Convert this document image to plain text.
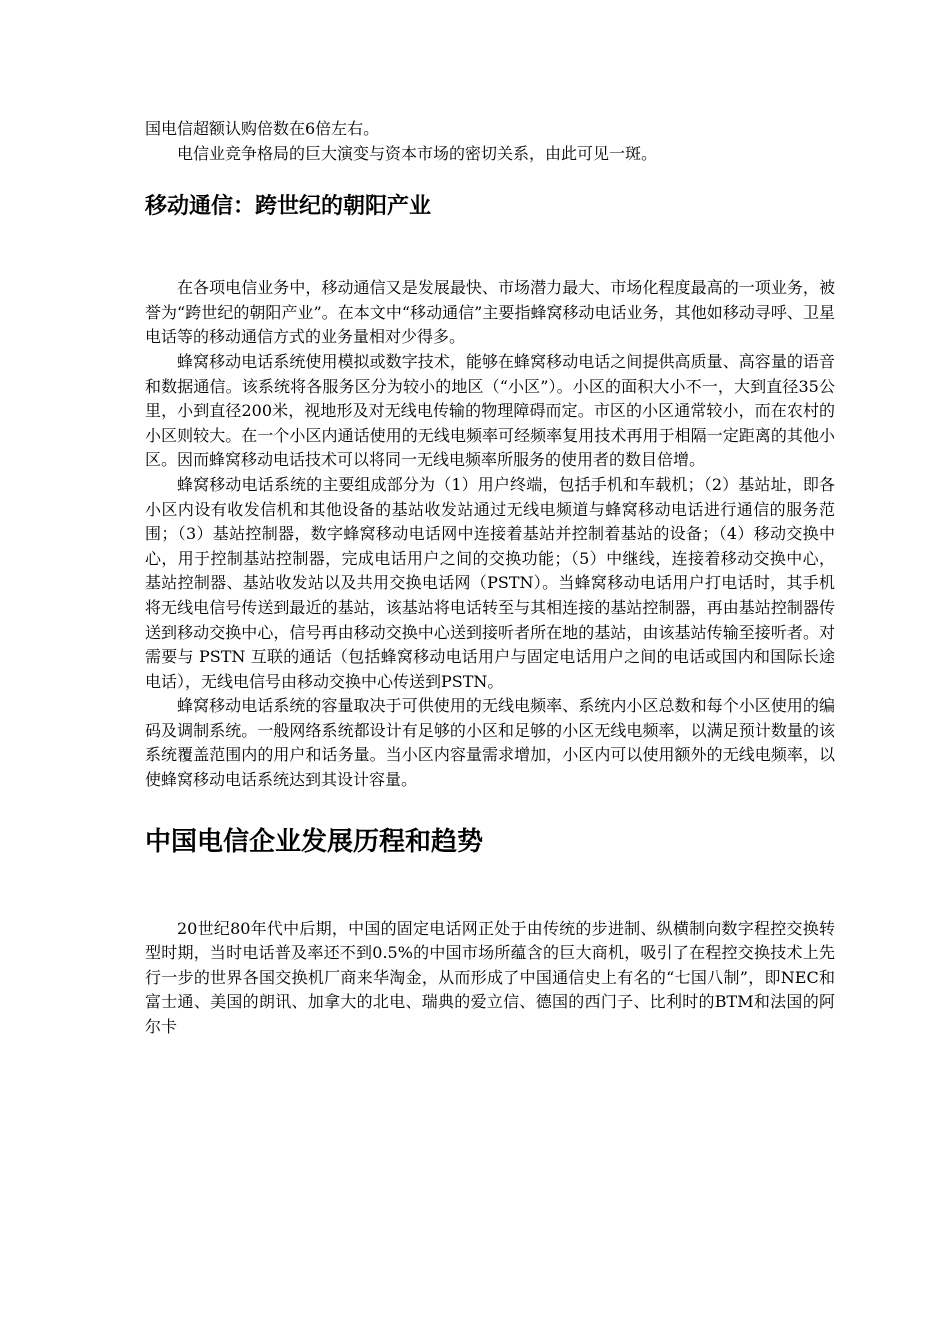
国电信超额认购倍数在6倍左右。

电信业竞争格局的巨大演变与资本市场的密切关系，由此可见一斑。

移动通信：跨世纪的朝阳产业

在各项电信业务中，移动通信又是发展最快、市场潜力最大、市场化程度最高的一项业务，被誉为“跨世纪的朝阳产业”。在本文中“移动通信”主要指蜂窝移动电话业务，其他如移动寻呼、卫星电话等的移动通信方式的业务量相对少得多。

蜂窝移动电话系统使用模拟或数字技术，能够在蜂窝移动电话之间提供高质量、高容量的语音和数据通信。该系统将各服务区分为较小的地区（“小区”）。小区的面积大小不一，大到直径35公里，小到直径200米，视地形及对无线电传输的物理障碍而定。市区的小区通常较小，而在农村的小区则较大。在一个小区内通话使用的无线电频率可经频率复用技术再用于相隔一定距离的其他小区。因而蜂窝移动电话技术可以将同一无线电频率所服务的使用者的数目倍增。

蜂窝移动电话系统的主要组成部分为（1）用户终端，包括手机和车载机；（2）基站址，即各小区内设有收发信机和其他设备的基站收发站通过无线电频道与蜂窝移动电话进行通信的服务范围；（3）基站控制器，数字蜂窝移动电话网中连接着基站并控制着基站的设备；（4）移动交换中心，用于控制基站控制器，完成电话用户之间的交换功能；（5）中继线，连接着移动交换中心，基站控制器、基站收发站以及共用交换电话网（PSTN）。当蜂窝移动电话用户打电话时，其手机将无线电信号传送到最近的基站，该基站将电话转至与其相连接的基站控制器，再由基站控制器传送到移动交换中心，信号再由移动交换中心送到接听者所在地的基站，由该基站传输至接听者。对需要与 PSTN 互联的通话（包括蜂窝移动电话用户与固定电话用户之间的电话或国内和国际长途电话），无线电信号由移动交换中心传送到PSTN。

蜂窝移动电话系统的容量取决于可供使用的无线电频率、系统内小区总数和每个小区使用的编码及调制系统。一般网络系统都设计有足够的小区和足够的小区无线电频率，以满足预计数量的该系统覆盖范围内的用户和话务量。当小区内容量需求增加，小区内可以使用额外的无线电频率，以使蜂窝移动电话系统达到其设计容量。

中国电信企业发展历程和趋势

20世纪80年代中后期，中国的固定电话网正处于由传统的步进制、纵横制向数字程控交换转型时期，当时电话普及率还不到0.5%的中国市场所蕴含的巨大商机，吸引了在程控交换技术上先行一步的世界各国交换机厂商来华淘金，从而形成了中国通信史上有名的“七国八制”，即NEC和富士通、美国的朗讯、加拿大的北电、瑞典的爱立信、德国的西门子、比利时的BTM和法国的阿尔卡
